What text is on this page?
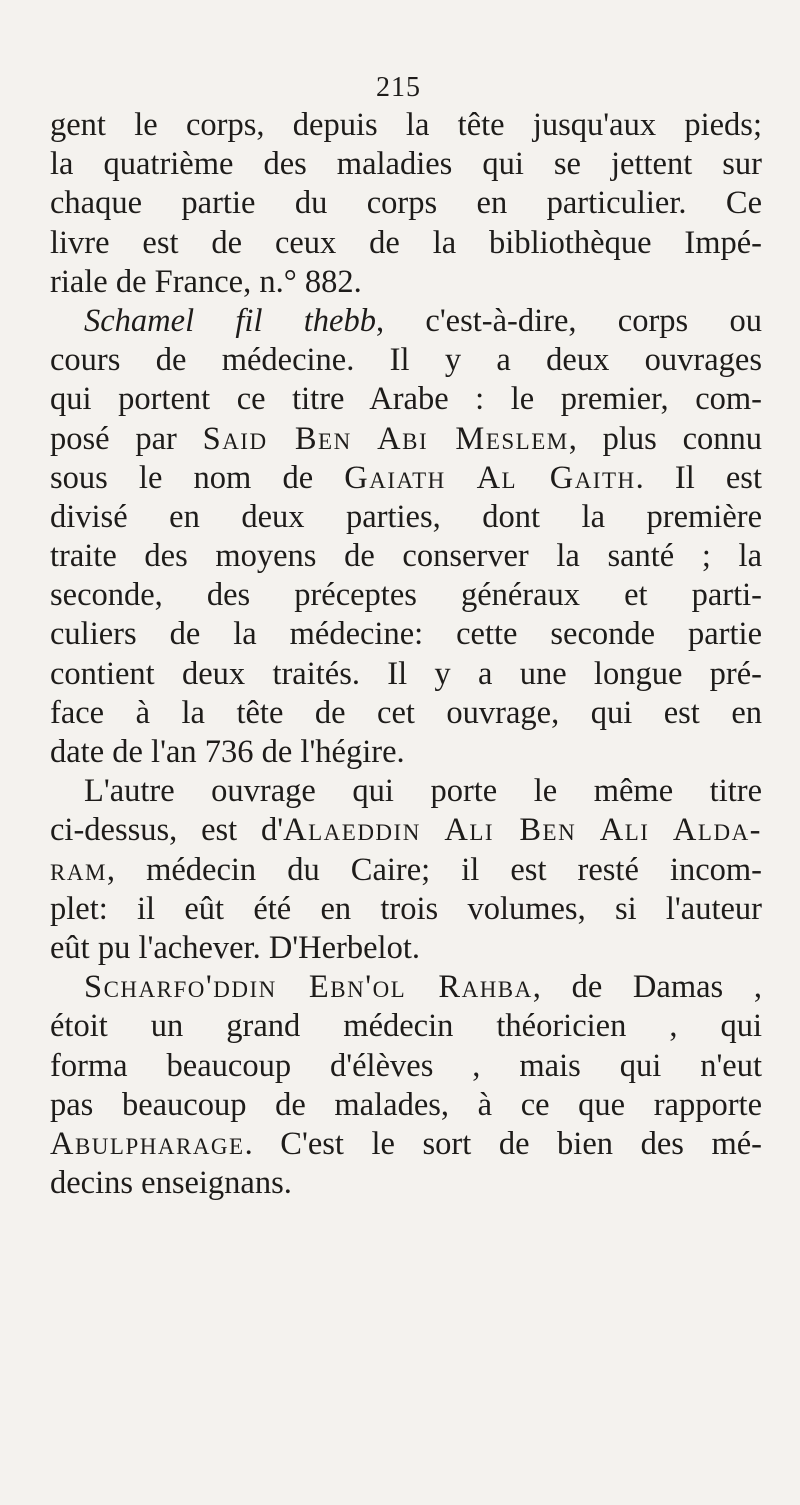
215
gent le corps, depuis la tête jusqu'aux pieds;
la quatrième des maladies qui se jettent sur
chaque partie du corps en particulier. Ce
livre est de ceux de la bibliothèque Impé-
riale de France, n.° 882.
Schamel fil thebb, c'est-à-dire, corps ou
cours de médecine. Il y a deux ouvrages
qui portent ce titre Arabe : le premier, com-
posé par Said Ben Abi Meslem, plus connu
sous le nom de Gaiath Al Gaith. Il est
divisé en deux parties, dont la première
traite des moyens de conserver la santé ; la
seconde, des préceptes généraux et parti-
culiers de la médecine: cette seconde partie
contient deux traités. Il y a une longue pré-
face à la tête de cet ouvrage, qui est en
date de l'an 736 de l'hégire.
L'autre ouvrage qui porte le même titre
ci-dessus, est d'Alaeddin Ali Ben Ali Alda-
ram, médecin du Caire; il est resté incom-
plet: il eût été en trois volumes, si l'auteur
eût pu l'achever. D'Herbelot.
Scharfo'ddin Ebn'ol Rahba, de Damas ,
étoit un grand médecin théoricien , qui
forma beaucoup d'élèves , mais qui n'eut
pas beaucoup de malades, à ce que rapporte
Abulpharage. C'est le sort de bien des mé-
decins enseignans.
